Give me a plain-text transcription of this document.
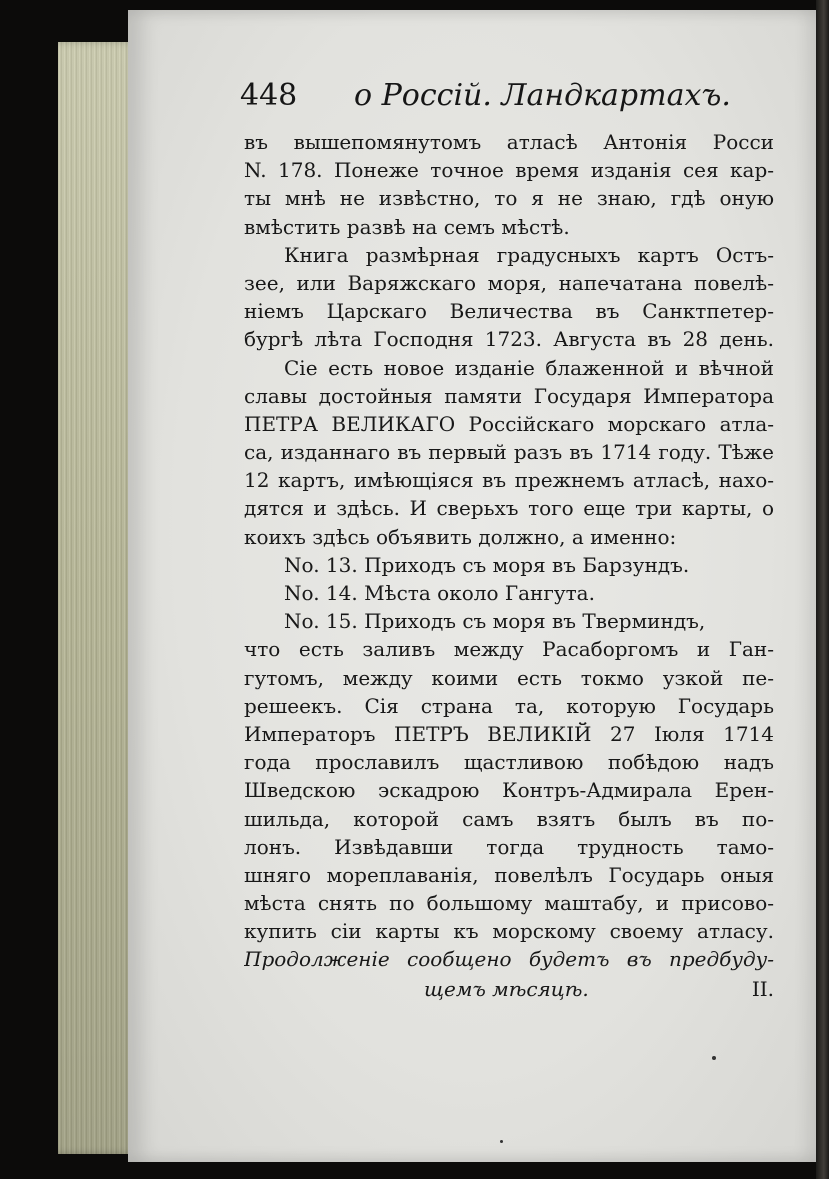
448 о Россій. Ландкартахъ.
въ вышепомянутомъ атласѣ Антонія Росси
N. 178. Понеже точное время изданія сея кар-
ты мнѣ не извѣстно, то я не знаю, гдѣ оную
вмѣстить развѣ на семъ мѣстѣ.
Книга размѣрная градусныхъ картъ Остъ-
зее, или Варяжскаго моря, напечатана повелѣ-
ніемъ Царскаго Величества въ Санктпетер-
бургѣ лѣта Господня 1723. Августа въ 28 день.
Сіе есть новое изданіе блаженной и вѣчной
славы достойныя памяти Государя Императора
ПЕТРА ВЕЛИКАГО Россійскаго морскаго атла-
са, изданнаго въ первый разъ въ 1714 году. Тѣже
12 картъ, имѣющіяся въ прежнемъ атласѣ, нахо-
дятся и здѣсь. И сверьхъ того еще три карты, о
коихъ здѣсь объявить должно, а именно:
No. 13. Приходъ съ моря въ Барзундъ.
No. 14. Мѣста около Гангута.
No. 15. Приходъ съ моря въ Тверминдъ,
что есть заливъ между Расаборгомъ и Ган-
гутомъ, между коими есть токмо узкой пе-
решеекъ. Сія страна та, которую Государь
Императоръ ПЕТРЪ ВЕЛИКІЙ 27 Іюля 1714
года прославилъ щастливою побѣдою надъ
Шведскою эскадрою Контръ-Адмирала Ерен-
шильда, которой самъ взятъ былъ въ по-
лонъ. Извѣдавши тогда трудность тамо-
шняго мореплаванія, повелѣлъ Государь оныя
мѣста снять по большому маштабу, и присово-
купить сіи карты къ морскому своему атласу.
Продолженіе сообщено будетъ въ предбуду-
щемъ мѣсяцѣ.	II.
